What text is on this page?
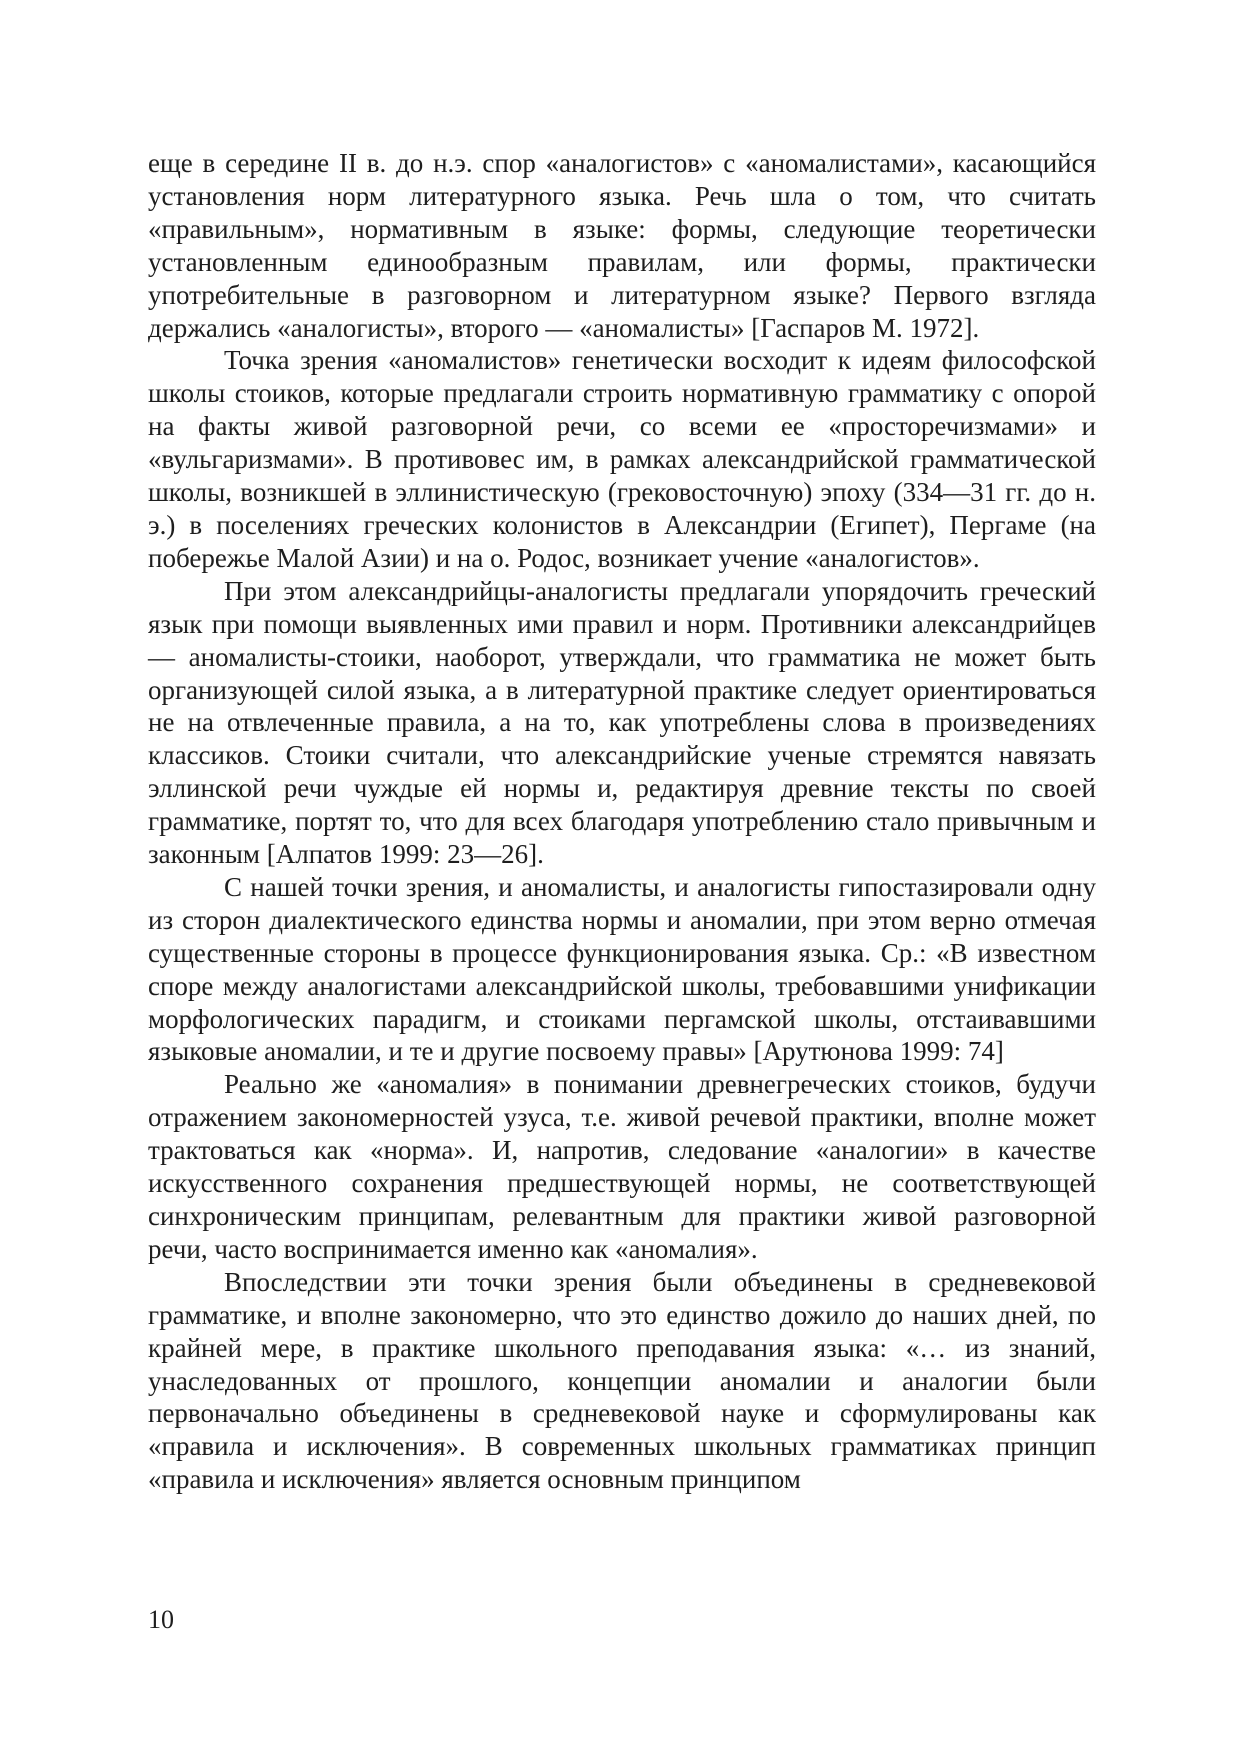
еще в середине II в. до н.э. спор «аналогистов» с «аномалистами», касающийся установления норм литературного языка. Речь шла о том, что считать «правильным», нормативным в языке: формы, следующие теоретически установленным единообразным правилам, или формы, практически употребительные в разговорном и литературном языке? Первого взгляда держались «аналогисты», второго — «аномалисты» [Гаспаров М. 1972].

Точка зрения «аномалистов» генетически восходит к идеям философской школы стоиков, которые предлагали строить нормативную грамматику с опорой на факты живой разговорной речи, со всеми ее «просторечизмами» и «вульгаризмами». В противовес им, в рамках александрийской грамматической школы, возникшей в эллинистическую (грековосточную) эпоху (334—31 гг. до н. э.) в поселениях греческих колонистов в Александрии (Египет), Пергаме (на побережье Малой Азии) и на о. Родос, возникает учение «аналогистов».

При этом александрийцы-аналогисты предлагали упорядочить греческий язык при помощи выявленных ими правил и норм. Противники александрийцев — аномалисты-стоики, наоборот, утверждали, что грамматика не может быть организующей силой языка, а в литературной практике следует ориентироваться не на отвлеченные правила, а на то, как употреблены слова в произведениях классиков. Стоики считали, что александрийские ученые стремятся навязать эллинской речи чуждые ей нормы и, редактируя древние тексты по своей грамматике, портят то, что для всех благодаря употреблению стало привычным и законным [Алпатов 1999: 23—26].

С нашей точки зрения, и аномалисты, и аналогисты гипостазировали одну из сторон диалектического единства нормы и аномалии, при этом верно отмечая существенные стороны в процессе функционирования языка. Ср.: «В известном споре между аналогистами александрийской школы, требовавшими унификации морфологических парадигм, и стоиками пергамской школы, отстаивавшими языковые аномалии, и те и другие посвоему правы» [Арутюнова 1999: 74]

Реально же «аномалия» в понимании древнегреческих стоиков, будучи отражением закономерностей узуса, т.е. живой речевой практики, вполне может трактоваться как «норма». И, напротив, следование «аналогии» в качестве искусственного сохранения предшествующей нормы, не соответствующей синхроническим принципам, релевантным для практики живой разговорной речи, часто воспринимается именно как «аномалия».

Впоследствии эти точки зрения были объединены в средневековой грамматике, и вполне закономерно, что это единство дожило до наших дней, по крайней мере, в практике школьного преподавания языка: «… из знаний, унаследованных от прошлого, концепции аномалии и аналогии были первоначально объединены в средневековой науке и сформулированы как «правила и исключения». В современных школьных грамматиках принцип «правила и исключения» является основным принципом

10
